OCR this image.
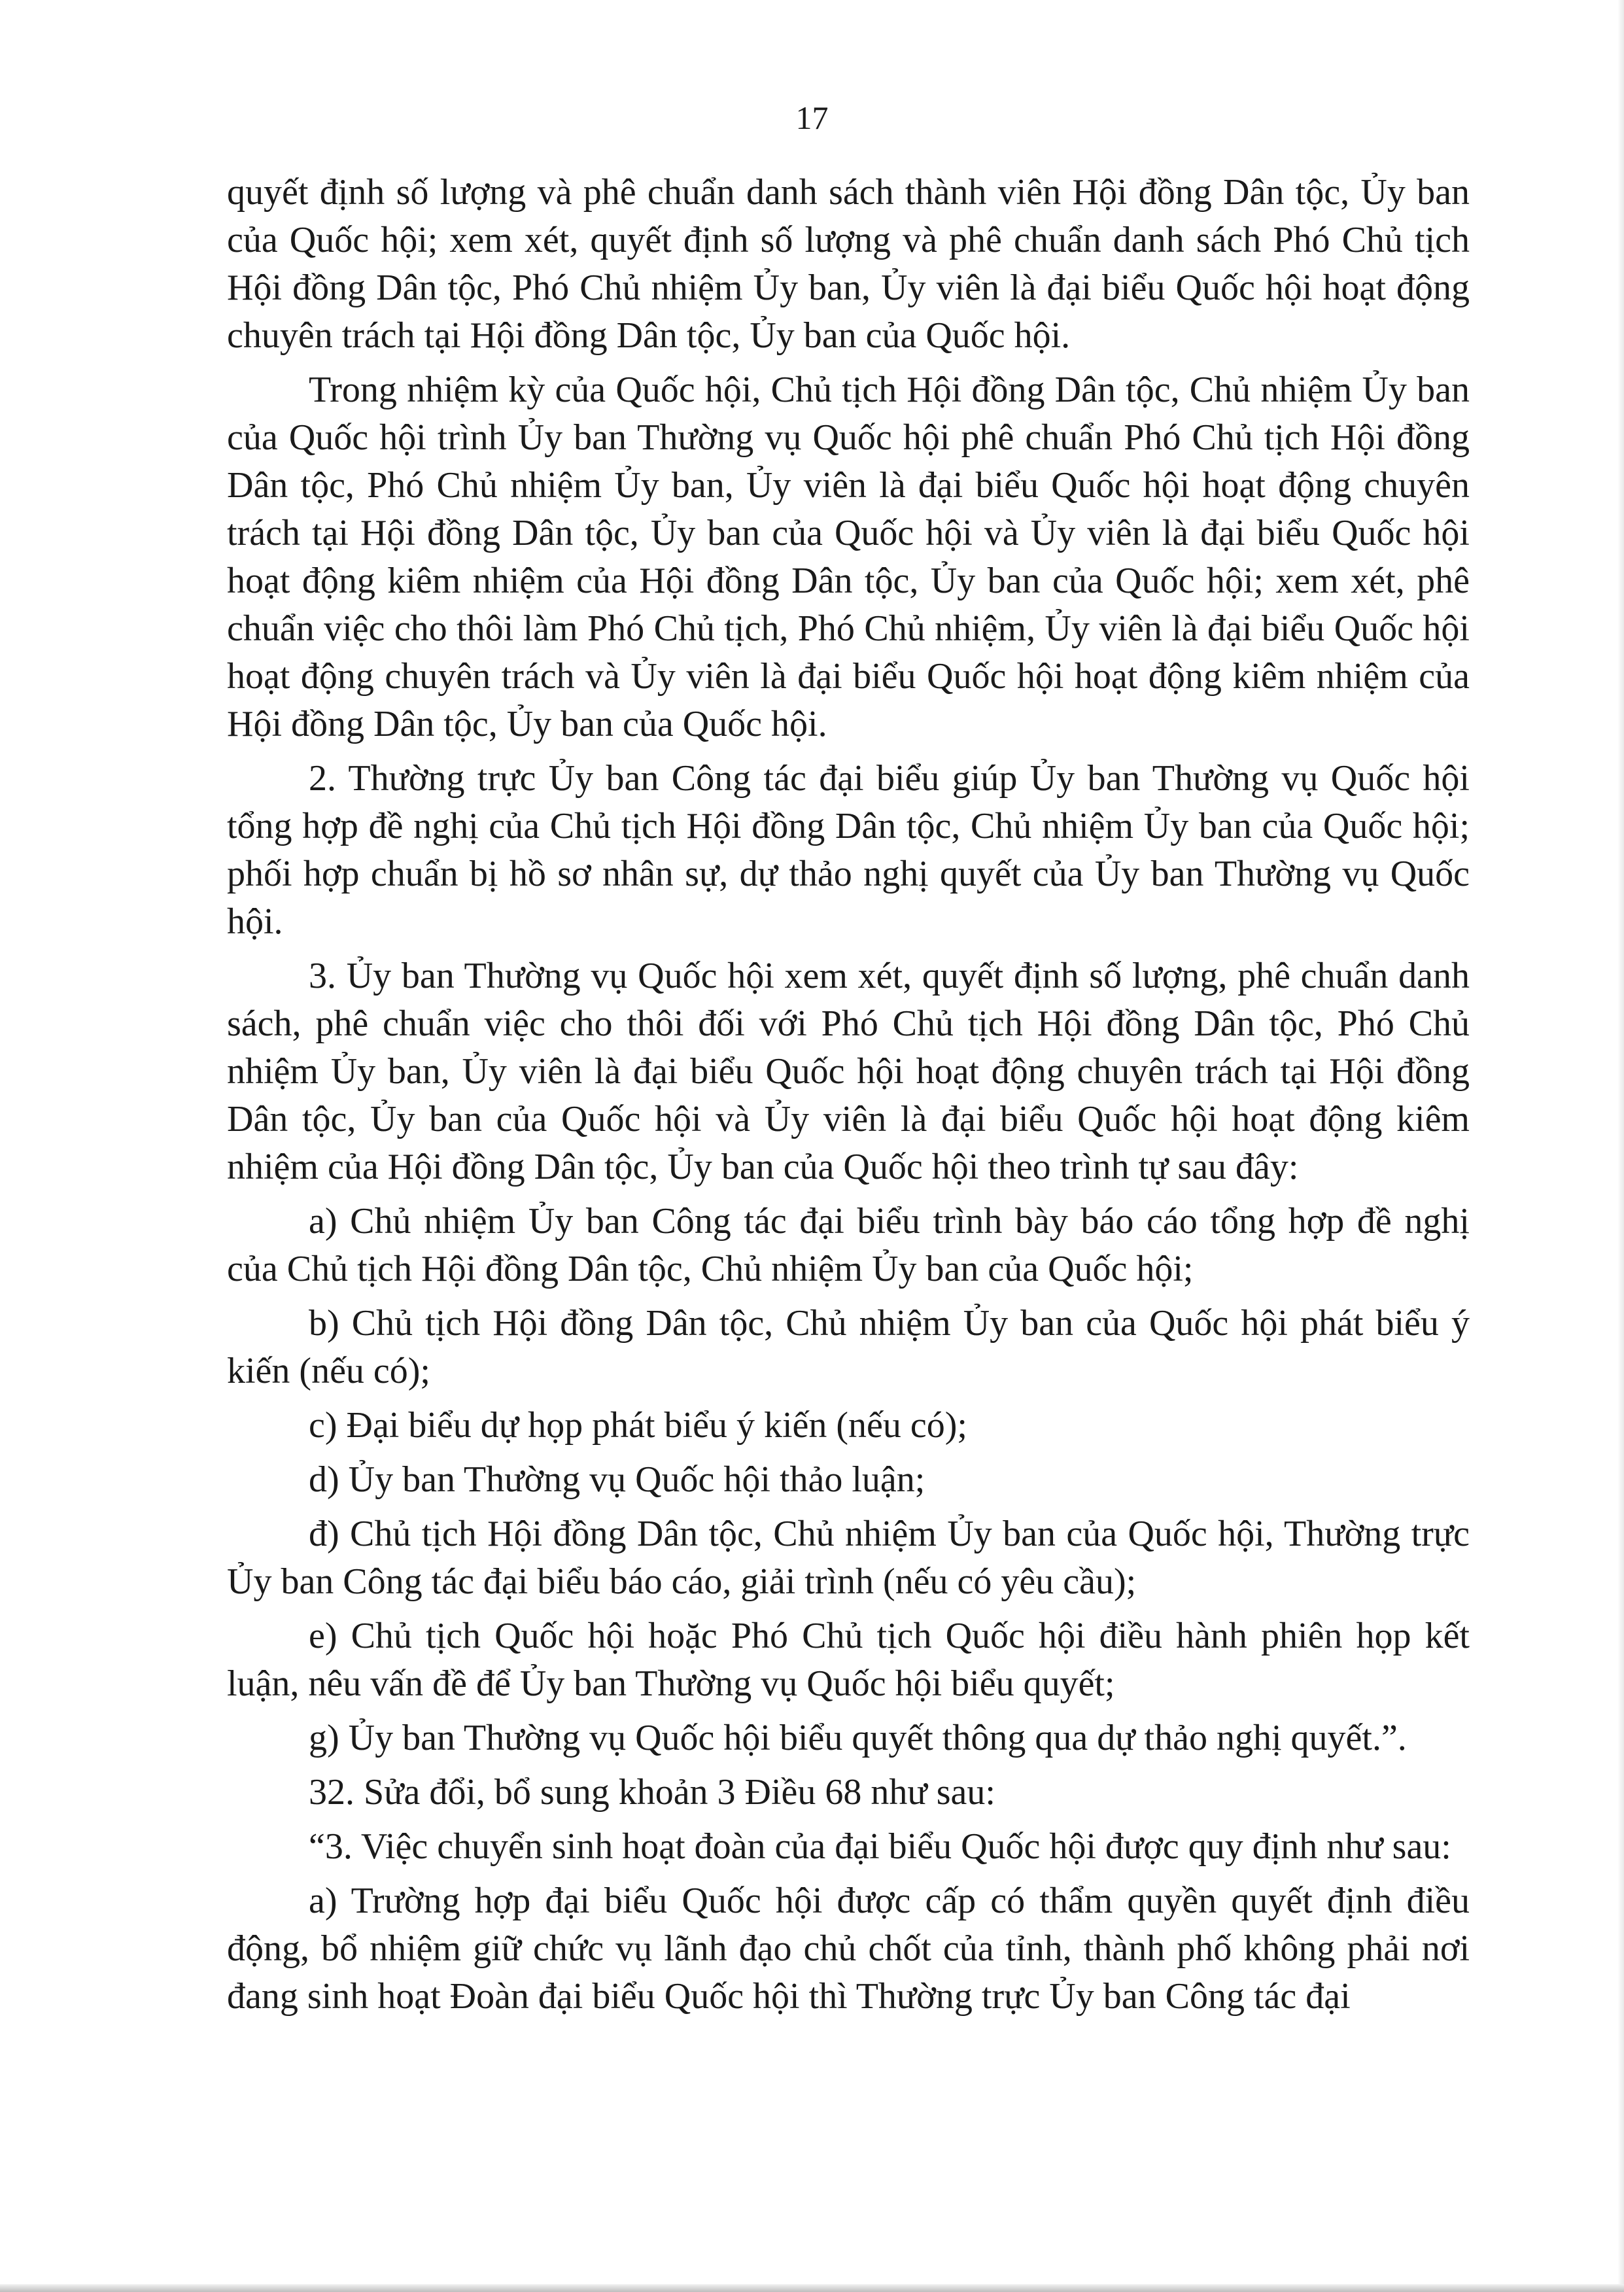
17

quyết định số lượng và phê chuẩn danh sách thành viên Hội đồng Dân tộc, Ủy ban của Quốc hội; xem xét, quyết định số lượng và phê chuẩn danh sách Phó Chủ tịch Hội đồng Dân tộc, Phó Chủ nhiệm Ủy ban, Ủy viên là đại biểu Quốc hội hoạt động chuyên trách tại Hội đồng Dân tộc, Ủy ban của Quốc hội.

Trong nhiệm kỳ của Quốc hội, Chủ tịch Hội đồng Dân tộc, Chủ nhiệm Ủy ban của Quốc hội trình Ủy ban Thường vụ Quốc hội phê chuẩn Phó Chủ tịch Hội đồng Dân tộc, Phó Chủ nhiệm Ủy ban, Ủy viên là đại biểu Quốc hội hoạt động chuyên trách tại Hội đồng Dân tộc, Ủy ban của Quốc hội và Ủy viên là đại biểu Quốc hội hoạt động kiêm nhiệm của Hội đồng Dân tộc, Ủy ban của Quốc hội; xem xét, phê chuẩn việc cho thôi làm Phó Chủ tịch, Phó Chủ nhiệm, Ủy viên là đại biểu Quốc hội hoạt động chuyên trách và Ủy viên là đại biểu Quốc hội hoạt động kiêm nhiệm của Hội đồng Dân tộc, Ủy ban của Quốc hội.

2. Thường trực Ủy ban Công tác đại biểu giúp Ủy ban Thường vụ Quốc hội tổng hợp đề nghị của Chủ tịch Hội đồng Dân tộc, Chủ nhiệm Ủy ban của Quốc hội; phối hợp chuẩn bị hồ sơ nhân sự, dự thảo nghị quyết của Ủy ban Thường vụ Quốc hội.

3. Ủy ban Thường vụ Quốc hội xem xét, quyết định số lượng, phê chuẩn danh sách, phê chuẩn việc cho thôi đối với Phó Chủ tịch Hội đồng Dân tộc, Phó Chủ nhiệm Ủy ban, Ủy viên là đại biểu Quốc hội hoạt động chuyên trách tại Hội đồng Dân tộc, Ủy ban của Quốc hội và Ủy viên là đại biểu Quốc hội hoạt động kiêm nhiệm của Hội đồng Dân tộc, Ủy ban của Quốc hội theo trình tự sau đây:

a) Chủ nhiệm Ủy ban Công tác đại biểu trình bày báo cáo tổng hợp đề nghị của Chủ tịch Hội đồng Dân tộc, Chủ nhiệm Ủy ban của Quốc hội;

b) Chủ tịch Hội đồng Dân tộc, Chủ nhiệm Ủy ban của Quốc hội phát biểu ý kiến (nếu có);

c) Đại biểu dự họp phát biểu ý kiến (nếu có);

d) Ủy ban Thường vụ Quốc hội thảo luận;

đ) Chủ tịch Hội đồng Dân tộc, Chủ nhiệm Ủy ban của Quốc hội, Thường trực Ủy ban Công tác đại biểu báo cáo, giải trình (nếu có yêu cầu);

e) Chủ tịch Quốc hội hoặc Phó Chủ tịch Quốc hội điều hành phiên họp kết luận, nêu vấn đề để Ủy ban Thường vụ Quốc hội biểu quyết;

g) Ủy ban Thường vụ Quốc hội biểu quyết thông qua dự thảo nghị quyết.”.

32. Sửa đổi, bổ sung khoản 3 Điều 68 như sau:

“3. Việc chuyển sinh hoạt đoàn của đại biểu Quốc hội được quy định như sau:

a) Trường hợp đại biểu Quốc hội được cấp có thẩm quyền quyết định điều động, bổ nhiệm giữ chức vụ lãnh đạo chủ chốt của tỉnh, thành phố không phải nơi đang sinh hoạt Đoàn đại biểu Quốc hội thì Thường trực Ủy ban Công tác đại
